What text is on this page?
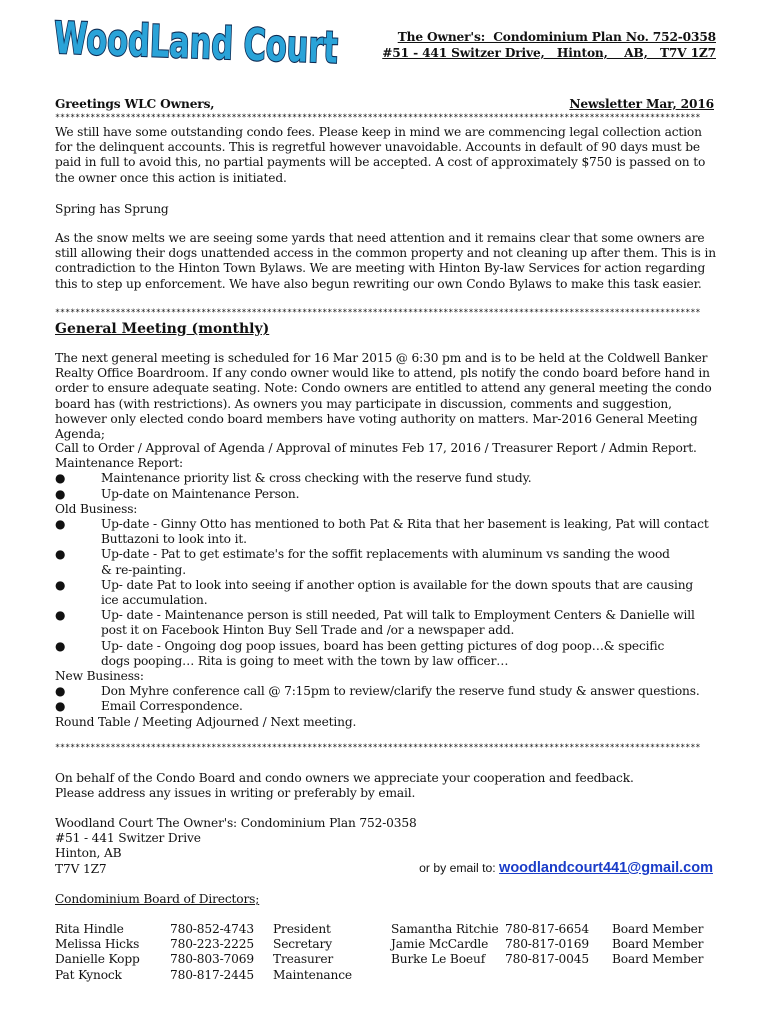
WoodLand Court
The Owner's:  Condominium Plan No. 752-0358
#51 - 441 Switzer Drive,   Hinton,    AB,   T7V 1Z7
Greetings WLC Owners,	Newsletter Mar, 2016
********************************************************************************************************************************
We still have some outstanding condo fees. Please keep in mind we are commencing legal collection action for the delinquent accounts. This is regretful however unavoidable. Accounts in default of 90 days must be paid in full to avoid this, no partial payments will be accepted. A cost of approximately $750 is passed on to the owner once this action is initiated.
Spring has Sprung
As the snow melts we are seeing some yards that need attention and it remains clear that some owners are still allowing their dogs unattended access in the common property and not cleaning up after them. This is in contradiction to the Hinton Town Bylaws. We are meeting with Hinton By-law Services for action regarding this to step up enforcement. We have also begun rewriting our own Condo Bylaws to make this task easier.
********************************************************************************************************************************
General Meeting (monthly)
The next general meeting is scheduled for 16 Mar 2015 @ 6:30 pm and is to be held at the Coldwell Banker Realty Office Boardroom. If any condo owner would like to attend, pls notify the condo board before hand in order to ensure adequate seating. Note: Condo owners are entitled to attend any general meeting the condo board has (with restrictions). As owners you may participate in discussion, comments and suggestion, however only elected condo board members have voting authority on matters. Mar-2016 General Meeting Agenda;
Call to Order / Approval of Agenda / Approval of minutes Feb 17, 2016 / Treasurer Report / Admin Report.
Maintenance Report:
●	Maintenance priority list & cross checking with the reserve fund study.
●	Up-date on Maintenance Person.
Old Business:
●	Up-date - Ginny Otto has mentioned to both Pat & Rita that her basement is leaking, Pat will contact Buttazoni to look into it.
●	Up-date - Pat to get estimate's for the soffit replacements with aluminum vs sanding the wood & re-painting.
●	Up- date Pat to look into seeing if another option is available for the down spouts that are causing ice accumulation.
●	Up- date - Maintenance person is still needed, Pat will talk to Employment Centers & Danielle will post it on Facebook Hinton Buy Sell Trade and /or a newspaper add.
●	Up- date - Ongoing dog poop issues, board has been getting pictures of dog poop…& specific dogs pooping… Rita is going to meet with the town by law officer…
New Business:
●	Don Myhre conference call @ 7:15pm to review/clarify the reserve fund study & answer questions.
●	Email Correspondence.
Round Table / Meeting Adjourned / Next meeting.
********************************************************************************************************************************
On behalf of the Condo Board and condo owners we appreciate your cooperation and feedback.
Please address any issues in writing or preferably by email.
Woodland Court The Owner's: Condominium Plan 752-0358
#51 - 441 Switzer Drive
Hinton, AB
T7V 1Z7	or by email to: woodlandcourt441@gmail.com
Condominium Board of Directors;
Rita Hindle	780-852-4743	President
Melissa Hicks	780-223-2225	Secretary
Danielle Kopp	780-803-7069	Treasurer
Pat Kynock	780-817-2445	Maintenance
Samantha Ritchie	780-817-6654	Board Member
Jamie McCardle	780-817-0169	Board Member
Burke Le Boeuf	780-817-0045	Board Member
